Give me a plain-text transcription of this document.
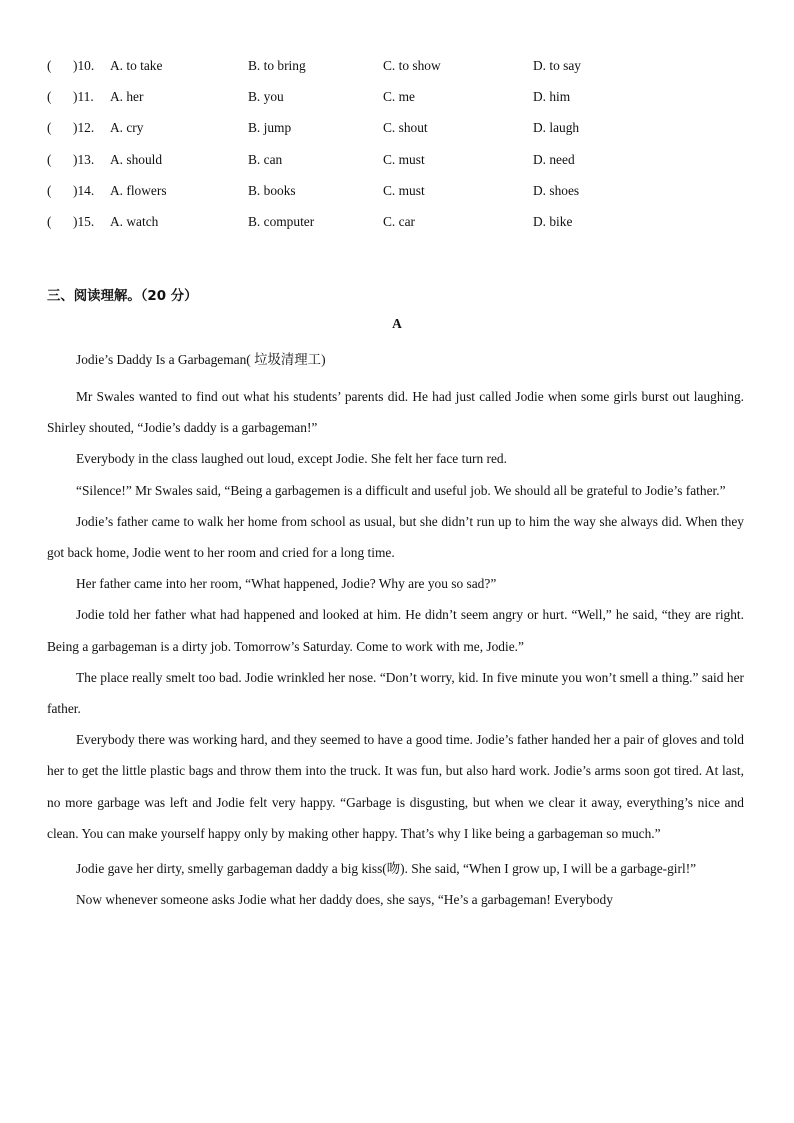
( )10. A. to take	B. to bring	C. to show	D. to say
( )11. A. her	B. you	C. me	D. him
( )12. A. cry	B. jump	C. shout	D. laugh
( )13. A. should	B. can	C. must	D. need
( )14. A. flowers	B. books	C. must	D. shoes
( )15. A. watch	B. computer	C. car	D. bike
三、阅读理解。（20 分）
A

Jodie’s Daddy Is a Garbageman( 垃圾清理工)

Mr Swales wanted to find out what his students’ parents did. He had just called Jodie when some girls burst out laughing. Shirley shouted, “Jodie’s daddy is a garbageman!”

Everybody in the class laughed out loud, except Jodie. She felt her face turn red.

“Silence!” Mr Swales said, “Being a garbagemen is a difficult and useful job. We should all be grateful to Jodie’s father.”

Jodie’s father came to walk her home from school as usual, but she didn’t run up to him the way she always did. When they got back home, Jodie went to her room and cried for a long time.

Her father came into her room, “What happened, Jodie? Why are you so sad?”

Jodie told her father what had happened and looked at him. He didn’t seem angry or hurt. “Well,” he said, “they are right. Being a garbageman is a dirty job. Tomorrow’s Saturday. Come to work with me, Jodie.”

The place really smelt too bad. Jodie wrinkled her nose. “Don’t worry, kid. In five minute you won’t smell a thing.” said her father.

Everybody there was working hard, and they seemed to have a good time. Jodie’s father handed her a pair of gloves and told her to get the little plastic bags and throw them into the truck. It was fun, but also hard work. Jodie’s arms soon got tired. At last, no more garbage was left and Jodie felt very happy. “Garbage is disgusting, but when we clear it away, everything’s nice and clean. You can make yourself happy only by making other happy. That’s why I like being a garbageman so much.”

Jodie gave her dirty, smelly garbageman daddy a big kiss(吻). She said, “When I grow up, I will be a garbage-girl!”

Now whenever someone asks Jodie what her daddy does, she says, “He’s a garbageman! Everybody
